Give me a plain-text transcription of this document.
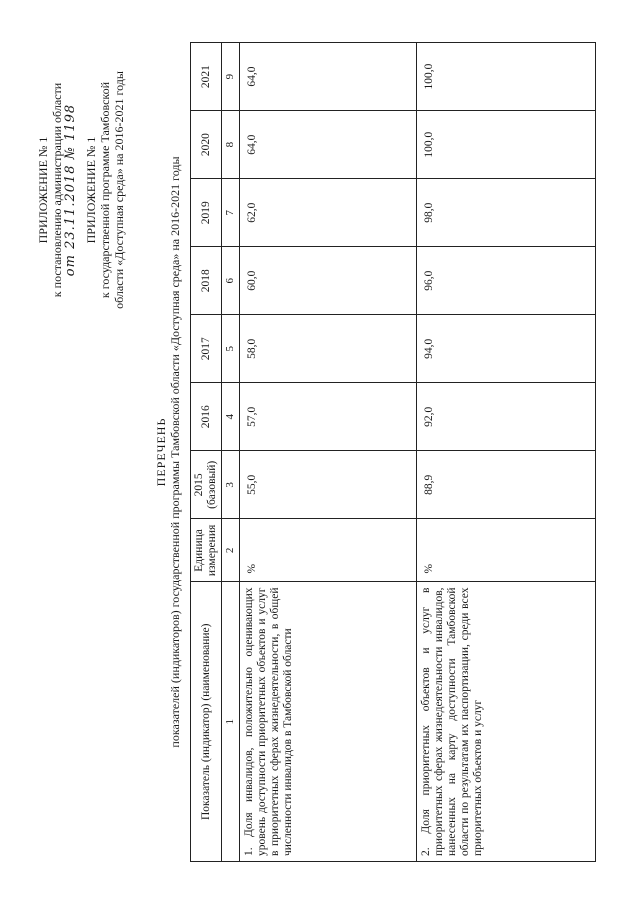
ПРИЛОЖЕНИЕ № 1 к постановлению администрации области от 23.11.2018 № 1198 ПРИЛОЖЕНИЕ № 1 к государственной программе Тамбовской области «Доступная среда» на 2016-2021 годы
ПЕРЕЧЕНЬ показателей (индикаторов) государственной программы Тамбовской области «Доступная среда» на 2016-2021 годы Показатель (индикатор) (наименование)	Единица измерения	2015 (базовый)	2016	2017	2018	2019	2020	2021
1	2	3	4	5	6	7	8	9
1. Доля инвалидов, положительно оценивающих уровень доступности приоритетных объектов и услуг в приоритетных сферах жизнедеятельности, в общей численности инвалидов в Тамбовской области	%	55,0	57,0	58,0	60,0	62,0	64,0	64,0
2. Доля приоритетных объектов и услуг в приоритетных сферах жизнедеятельности инвалидов, нанесенных на карту доступности Тамбовской области по результатам их паспортизации, среди всех приоритетных объектов и услуг	%	88,9	92,0	94,0	96,0	98,0	100,0	100,0
